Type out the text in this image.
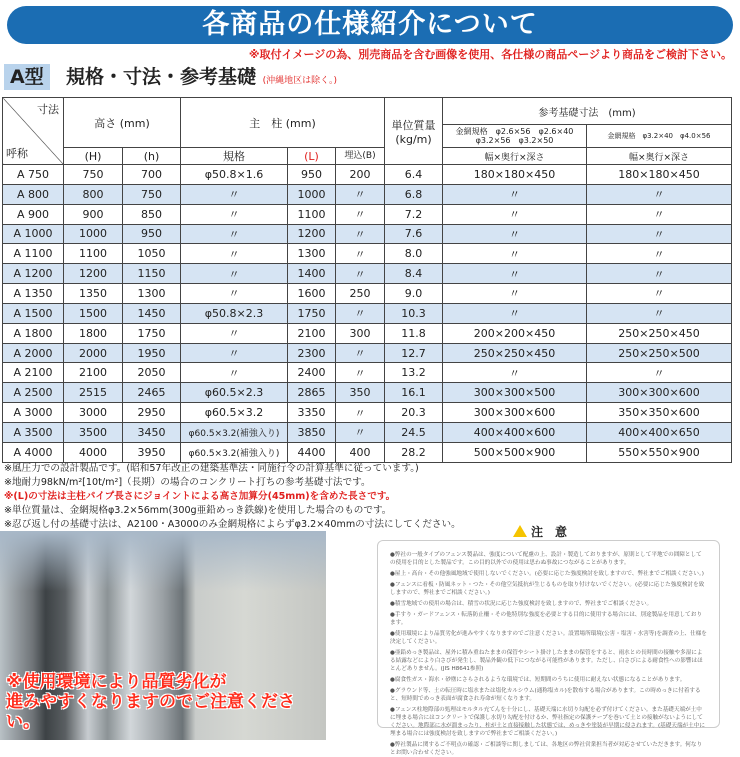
各商品の仕様紹介について
※取付イメージの為、別売商品を含む画像を使用、各仕様の商品ページより商品をご検討下さい。
A型	規格・寸法・参考基礎 (沖縄地区は除く。)
寸法
呼称	高さ (mm)		主　柱 (mm)			単位質量
(kg/m)	参考基礎寸法　(mm)	
							金網規格　φ2.6×56　φ2.6×40　φ3.2×56　φ3.2×50	金網規格　φ3.2×40　φ4.0×56
	(H)	(h)	規格	(L)	埋込(B)		幅×奥行×深さ	幅×奥行×深さ
A 750	750	700	φ50.8×1.6	950	200	6.4	180×180×450	180×180×450
A 800	800	750	〃	1000	〃	6.8	〃	〃
A 900	900	850	〃	1100	〃	7.2	〃	〃
A 1000	1000	950	〃	1200	〃	7.6	〃	〃
A 1100	1100	1050	〃	1300	〃	8.0	〃	〃
A 1200	1200	1150	〃	1400	〃	8.4	〃	〃
A 1350	1350	1300	〃	1600	250	9.0	〃	〃
A 1500	1500	1450	φ50.8×2.3	1750	〃	10.3	〃	〃
A 1800	1800	1750	〃	2100	300	11.8	200×200×450	250×250×450
A 2000	2000	1950	〃	2300	〃	12.7	250×250×450	250×250×500
A 2100	2100	2050	〃	2400	〃	13.2	〃	〃
A 2500	2515	2465	φ60.5×2.3	2865	350	16.1	300×300×500	300×300×600
A 3000	3000	2950	φ60.5×3.2	3350	〃	20.3	300×300×600	350×350×600
A 3500	3500	3450	φ60.5×3.2(補強入り)	3850	〃	24.5	400×400×600	400×400×650
A 4000	4000	3950	φ60.5×3.2(補強入り)	4400	400	28.2	500×500×900	550×550×900
※風圧力での設計製品です。(昭和57年改正の建築基準法・同施行令の計算基準に従っています。)
※地耐力98kN/m²[10t/m²]（長期）の場合のコンクリート打ちの参考基礎寸法です。
※(L)の寸法は主柱パイプ長さにジョイントによる高さ加算分(45mm)を含めた長さです。
※単位質量は、金網規格φ3.2×56mm(300g亜鉛めっき鉄線)を使用した場合のものです。
※忍び返し付の基礎寸法は、A2100・A3000のみ金網規格によらずφ3.2×40mmの寸法にしてください。
※使用環境により品質劣化が
進みやすくなりますのでご注意ください。

●弊社の一般タイプのフェンス製品は、強度について配慮の上、設計・製造しておりますが、原則として平地での囲障としての使用を目的とした製品です。この目的以外での使用は思わぬ事故につながることがあります。

●屋上・高台・その他強風地域で使用しないでください。(必要に応じた強度検討を致しますので、弊社までご相談ください。)

●フェンスに看板・防風ネット・つた・その他空気抵抗が生じるものを取り付けないでください。(必要に応じた強度検討を致しますので、弊社までご相談ください。)

●積雪地域での使用の場合は、積雪の状況に応じた強度検討を致しますので、弊社までご相談ください。

●手すり・ガードフェンス・転落防止柵・その他特別な強度を必要とする目的に使用する場合には、別途製品を用意しております。

●使用環境により品質劣化が進みやすくなりますのでご注意ください。設置場所環境(公害・塩害・水害等)を調査の上、仕様を決定してください。

●亜鉛めっき製品は、屋外に積み重ねたままの保管やシート掛けしたままの保管をすると、雨水との長時間の接触や多湿による結露などにより白さびが発生し、製品外観の低下につながる可能性があります。ただし、白さびによる耐食性への影響はほとんどありません。(JIS H8641参照)

●腐食性ガス・海水・砂塵にさらされるような環境では、短期間のうちに使用に耐えない状態になることがあります。

●グラウンド等、土の転圧時に塩水または塩化カルシウム(通称塩カル)を散布する場合があります。この時めっきに付着すると、短時間でめっき表面が腐食され寿命が短くなります。

●フェンス柱地際部の処理はモルタル充てんを十分にし、基礎天端に水切り勾配を必ず付けてください。また基礎天端が土中に埋まる場合にはコンクリートで保護し水切り勾配を付けるか、弊社指定の保護テープを巻いて土との接触がないようにしてください。地際部に水が溜まったり、柱が土と直接接触した状態では、めっきや塗装が早期に侵されます。(基礎天端が土中に埋まる場合には強度検討を致しますので弊社までご相談ください。)

●弊社製品に関するご不明点の確認・ご相談等に関しましては、各地区の弊社営業担当者が対応させていただきます。何なりとお問い合わせください。

注　意
